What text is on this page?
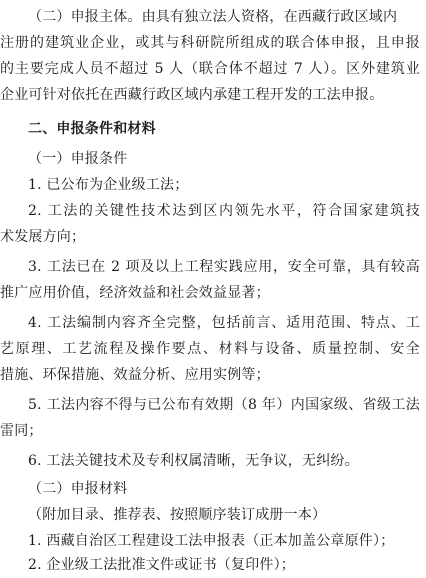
（二）申报主体。由具有独立法人资格，在西藏行政区域内
注册的建筑业企业，或其与科研院所组成的联合体申报，且申报
的主要完成人员不超过 5 人（联合体不超过 7 人）。区外建筑业
企业可针对依托在西藏行政区域内承建工程开发的工法申报。
二、申报条件和材料
（一）申报条件
1. 已公布为企业级工法；
2. 工法的关键性技术达到区内领先水平，符合国家建筑技
术发展方向；
3. 工法已在 2 项及以上工程实践应用，安全可靠，具有较高
推广应用价值，经济效益和社会效益显著；
4. 工法编制内容齐全完整，包括前言、适用范围、特点、工
艺原理、工艺流程及操作要点、材料与设备、质量控制、安全
措施、环保措施、效益分析、应用实例等；
5. 工法内容不得与已公布有效期（8 年）内国家级、省级工法
雷同；
6. 工法关键技术及专利权属清晰，无争议，无纠纷。
（二）申报材料
（附加目录、推荐表、按照顺序装订成册一本）
1. 西藏自治区工程建设工法申报表（正本加盖公章原件）；
2. 企业级工法批准文件或证书（复印件）；
